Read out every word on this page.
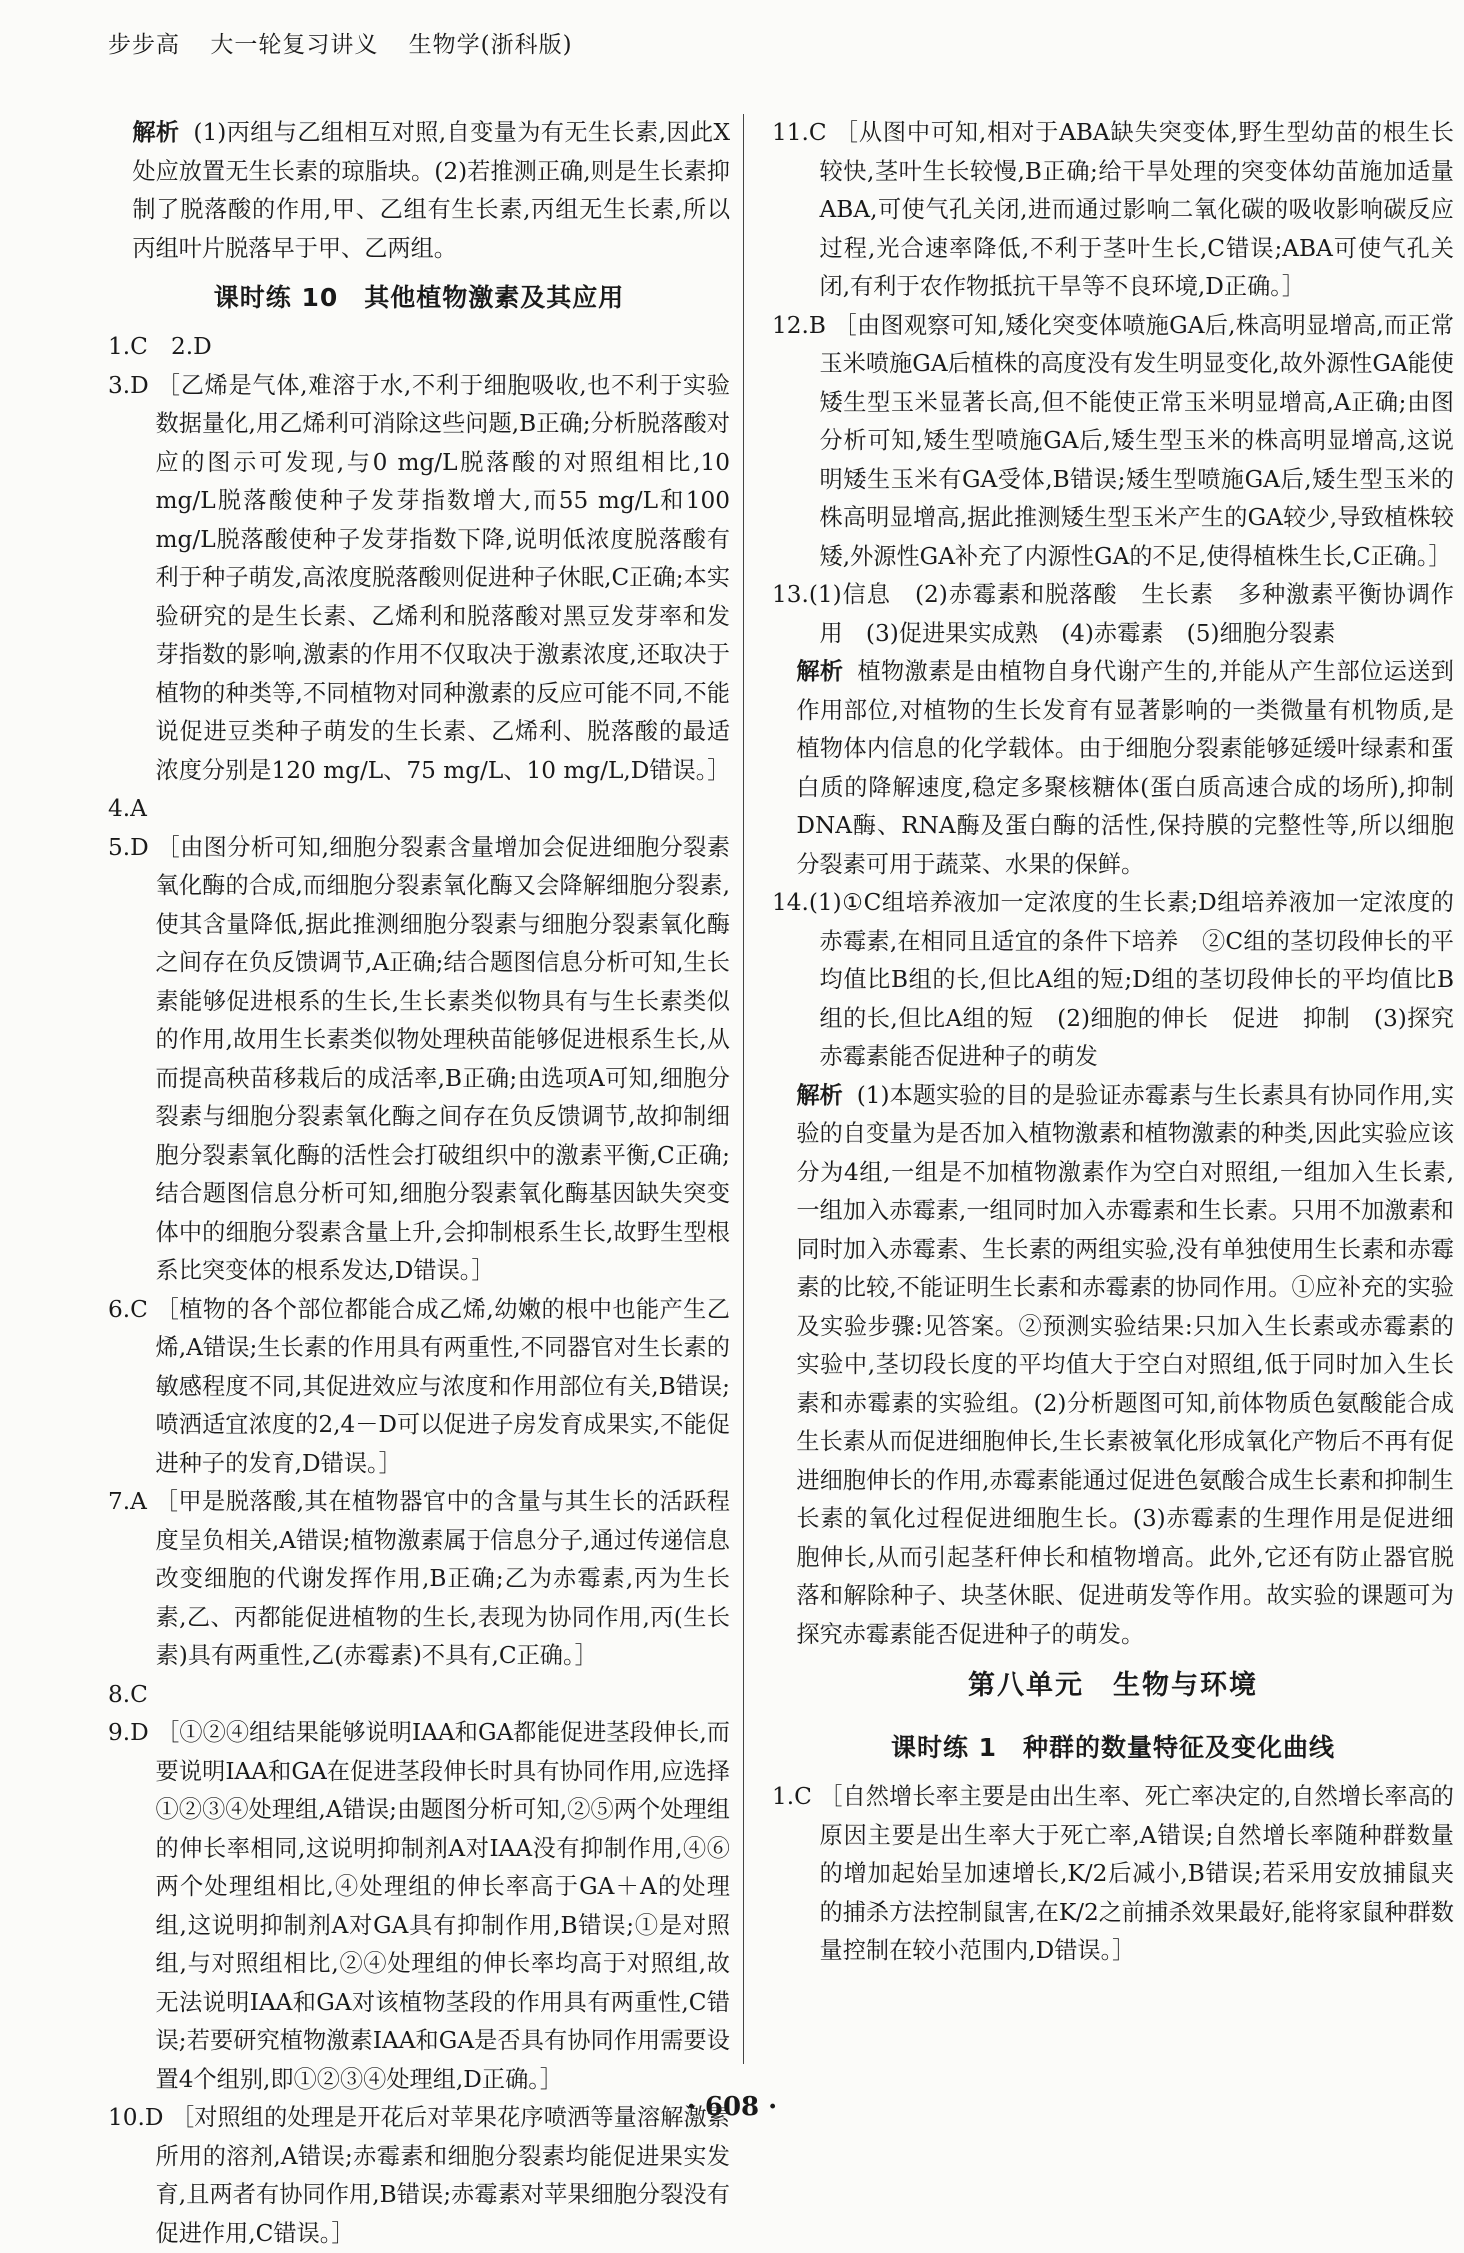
步步高 大一轮复习讲义 生物学(浙科版)

解析 (1)丙组与乙组相互对照,自变量为有无生长素,因此X处应放置无生长素的琼脂块。(2)若推测正确,则是生长素抑制了脱落酸的作用,甲、乙组有生长素,丙组无生长素,所以丙组叶片脱落早于甲、乙两组。

课时练 10　其他植物激素及其应用

1.C　2.D

3.D ［乙烯是气体,难溶于水,不利于细胞吸收,也不利于实验数据量化,用乙烯利可消除这些问题,B正确;分析脱落酸对应的图示可发现,与0 mg/L脱落酸的对照组相比,10 mg/L脱落酸使种子发芽指数增大,而55 mg/L和100 mg/L脱落酸使种子发芽指数下降,说明低浓度脱落酸有利于种子萌发,高浓度脱落酸则促进种子休眠,C正确;本实验研究的是生长素、乙烯利和脱落酸对黑豆发芽率和发芽指数的影响,激素的作用不仅取决于激素浓度,还取决于植物的种类等,不同植物对同种激素的反应可能不同,不能说促进豆类种子萌发的生长素、乙烯利、脱落酸的最适浓度分别是120 mg/L、75 mg/L、10 mg/L,D错误。］

4.A

5.D ［由图分析可知,细胞分裂素含量增加会促进细胞分裂素氧化酶的合成,而细胞分裂素氧化酶又会降解细胞分裂素,使其含量降低,据此推测细胞分裂素与细胞分裂素氧化酶之间存在负反馈调节,A正确;结合题图信息分析可知,生长素能够促进根系的生长,生长素类似物具有与生长素类似的作用,故用生长素类似物处理秧苗能够促进根系生长,从而提高秧苗移栽后的成活率,B正确;由选项A可知,细胞分裂素与细胞分裂素氧化酶之间存在负反馈调节,故抑制细胞分裂素氧化酶的活性会打破组织中的激素平衡,C正确;结合题图信息分析可知,细胞分裂素氧化酶基因缺失突变体中的细胞分裂素含量上升,会抑制根系生长,故野生型根系比突变体的根系发达,D错误。］

6.C ［植物的各个部位都能合成乙烯,幼嫩的根中也能产生乙烯,A错误;生长素的作用具有两重性,不同器官对生长素的敏感程度不同,其促进效应与浓度和作用部位有关,B错误;喷洒适宜浓度的2,4－D可以促进子房发育成果实,不能促进种子的发育,D错误。］

7.A ［甲是脱落酸,其在植物器官中的含量与其生长的活跃程度呈负相关,A错误;植物激素属于信息分子,通过传递信息改变细胞的代谢发挥作用,B正确;乙为赤霉素,丙为生长素,乙、丙都能促进植物的生长,表现为协同作用,丙(生长素)具有两重性,乙(赤霉素)不具有,C正确。］

8.C

9.D ［①②④组结果能够说明IAA和GA都能促进茎段伸长,而要说明IAA和GA在促进茎段伸长时具有协同作用,应选择①②③④处理组,A错误;由题图分析可知,②⑤两个处理组的伸长率相同,这说明抑制剂A对IAA没有抑制作用,④⑥两个处理组相比,④处理组的伸长率高于GA＋A的处理组,这说明抑制剂A对GA具有抑制作用,B错误;①是对照组,与对照组相比,②④处理组的伸长率均高于对照组,故无法说明IAA和GA对该植物茎段的作用具有两重性,C错误;若要研究植物激素IAA和GA是否具有协同作用需要设置4个组别,即①②③④处理组,D正确。］

10.D ［对照组的处理是开花后对苹果花序喷洒等量溶解激素所用的溶剂,A错误;赤霉素和细胞分裂素均能促进果实发育,且两者有协同作用,B错误;赤霉素对苹果细胞分裂没有促进作用,C错误。］

11.C ［从图中可知,相对于ABA缺失突变体,野生型幼苗的根生长较快,茎叶生长较慢,B正确;给干旱处理的突变体幼苗施加适量ABA,可使气孔关闭,进而通过影响二氧化碳的吸收影响碳反应过程,光合速率降低,不利于茎叶生长,C错误;ABA可使气孔关闭,有利于农作物抵抗干旱等不良环境,D正确。］

12.B ［由图观察可知,矮化突变体喷施GA后,株高明显增高,而正常玉米喷施GA后植株的高度没有发生明显变化,故外源性GA能使矮生型玉米显著长高,但不能使正常玉米明显增高,A正确;由图分析可知,矮生型喷施GA后,矮生型玉米的株高明显增高,这说明矮生玉米有GA受体,B错误;矮生型喷施GA后,矮生型玉米的株高明显增高,据此推测矮生型玉米产生的GA较少,导致植株较矮,外源性GA补充了内源性GA的不足,使得植株生长,C正确。］

13.(1)信息　(2)赤霉素和脱落酸　生长素　多种激素平衡协调作用　(3)促进果实成熟　(4)赤霉素　(5)细胞分裂素

解析 植物激素是由植物自身代谢产生的,并能从产生部位运送到作用部位,对植物的生长发育有显著影响的一类微量有机物质,是植物体内信息的化学载体。由于细胞分裂素能够延缓叶绿素和蛋白质的降解速度,稳定多聚核糖体(蛋白质高速合成的场所),抑制DNA酶、RNA酶及蛋白酶的活性,保持膜的完整性等,所以细胞分裂素可用于蔬菜、水果的保鲜。

14.(1)①C组培养液加一定浓度的生长素;D组培养液加一定浓度的赤霉素,在相同且适宜的条件下培养　②C组的茎切段伸长的平均值比B组的长,但比A组的短;D组的茎切段伸长的平均值比B组的长,但比A组的短　(2)细胞的伸长　促进　抑制　(3)探究赤霉素能否促进种子的萌发

解析 (1)本题实验的目的是验证赤霉素与生长素具有协同作用,实验的自变量为是否加入植物激素和植物激素的种类,因此实验应该分为4组,一组是不加植物激素作为空白对照组,一组加入生长素,一组加入赤霉素,一组同时加入赤霉素和生长素。只用不加激素和同时加入赤霉素、生长素的两组实验,没有单独使用生长素和赤霉素的比较,不能证明生长素和赤霉素的协同作用。①应补充的实验及实验步骤:见答案。②预测实验结果:只加入生长素或赤霉素的实验中,茎切段长度的平均值大于空白对照组,低于同时加入生长素和赤霉素的实验组。(2)分析题图可知,前体物质色氨酸能合成生长素从而促进细胞伸长,生长素被氧化形成氧化产物后不再有促进细胞伸长的作用,赤霉素能通过促进色氨酸合成生长素和抑制生长素的氧化过程促进细胞生长。(3)赤霉素的生理作用是促进细胞伸长,从而引起茎秆伸长和植物增高。此外,它还有防止器官脱落和解除种子、块茎休眠、促进萌发等作用。故实验的课题可为探究赤霉素能否促进种子的萌发。

第八单元　生物与环境
课时练 1　种群的数量特征及变化曲线

1.C ［自然增长率主要是由出生率、死亡率决定的,自然增长率高的原因主要是出生率大于死亡率,A错误;自然增长率随种群数量的增加起始呈加速增长,K/2后减小,B错误;若采用安放捕鼠夹的捕杀方法控制鼠害,在K/2之前捕杀效果最好,能将家鼠种群数量控制在较小范围内,D错误。］

· 608 ·
